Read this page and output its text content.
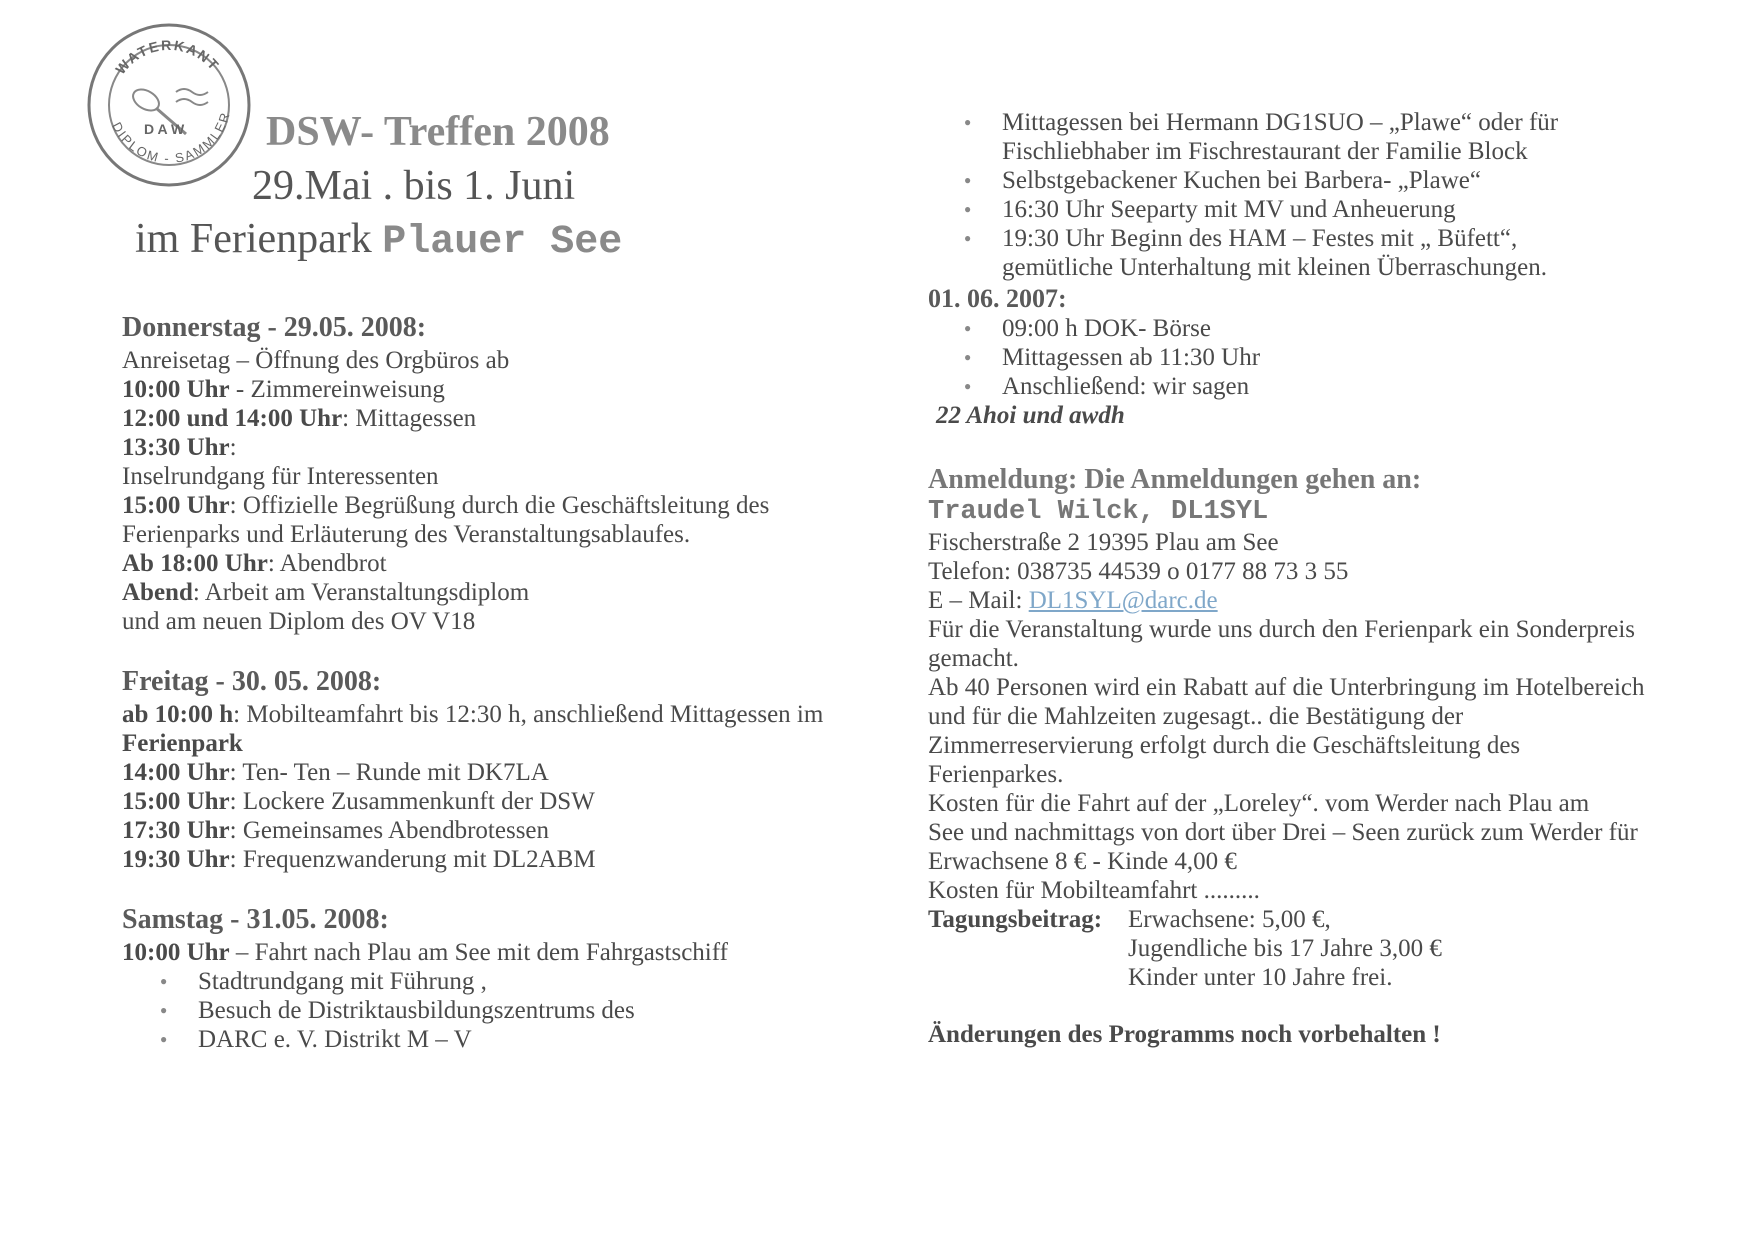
WATERKANT
DIPLOM - SAMMLER
D A W DSW- Treffen 2008
29.Mai . bis 1. Juni
im Ferienpark Plauer See
Donnerstag - 29.05. 2008:
Anreisetag – Öffnung des Orgbüros ab
10:00 Uhr - Zimmereinweisung
12:00 und 14:00 Uhr: Mittagessen
13:30 Uhr:
Inselrundgang für Interessenten
15:00 Uhr: Offizielle Begrüßung durch die Geschäftsleitung des
Ferienparks und Erläuterung des Veranstaltungsablaufes.
Ab 18:00 Uhr: Abendbrot
Abend: Arbeit am Veranstaltungsdiplom
und am neuen Diplom des OV V18
Freitag - 30. 05. 2008:
ab 10:00 h: Mobilteamfahrt bis 12:30 h, anschließend Mittagessen im
Ferienpark
14:00 Uhr: Ten- Ten – Runde mit DK7LA
15:00 Uhr: Lockere Zusammenkunft der DSW
17:30 Uhr: Gemeinsames Abendbrotessen
19:30 Uhr: Frequenzwanderung mit DL2ABM
Samstag - 31.05. 2008:
10:00 Uhr – Fahrt nach Plau am See mit dem Fahrgastschiff
● Stadtrundgang mit Führung ,
● Besuch de Distriktausbildungszentrums des
● DARC e. V. Distrikt M – V
● Mittagessen bei Hermann DG1SUO – „Plawe“ oder für
Fischliebhaber im Fischrestaurant der Familie Block
● Selbstgebackener Kuchen bei Barbera- „Plawe“
● 16:30 Uhr Seeparty mit MV und Anheuerung
● 19:30 Uhr Beginn des HAM – Festes mit „ Büfett“,
gemütliche Unterhaltung mit kleinen Überraschungen.
01. 06. 2007:
● 09:00 h DOK- Börse
● Mittagessen ab 11:30 Uhr
● Anschließend: wir sagen
22 Ahoi und awdh
Anmeldung: Die Anmeldungen gehen an:
Traudel Wilck, DL1SYL
Fischerstraße 2 19395 Plau am See
Telefon: 038735 44539 o 0177 88 73 3 55
E – Mail: DL1SYL@darc.de
Für die Veranstaltung wurde uns durch den Ferienpark ein Sonderpreis
gemacht.
Ab 40 Personen wird ein Rabatt auf die Unterbringung im Hotelbereich
und für die Mahlzeiten zugesagt.. die Bestätigung der
Zimmerreservierung erfolgt durch die Geschäftsleitung des
Ferienparkes.
Kosten für die Fahrt auf der „Loreley“. vom Werder nach Plau am
See und nachmittags von dort über Drei – Seen zurück zum Werder für
Erwachsene 8 € - Kinde 4,00 €
Kosten für Mobilteamfahrt .........
Tagungsbeitrag:	Erwachsene: 5,00 €,
Jugendliche bis 17 Jahre 3,00 €
Kinder unter 10 Jahre frei.
Änderungen des Programms noch vorbehalten !
